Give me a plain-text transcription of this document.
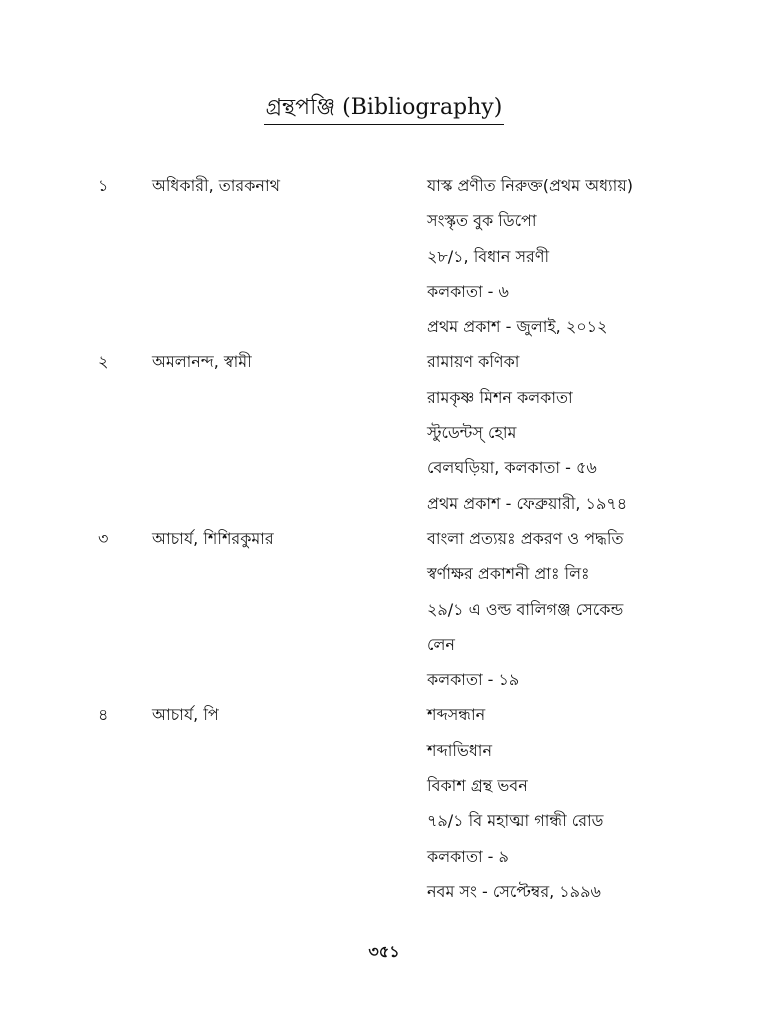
গ্রন্থপঞ্জি (Bibliography)
১	অধিকারী, তারকনাথ	যাস্ক প্রণীত নিরুক্ত(প্রথম অধ্যায়)
সংস্কৃত বুক ডিপো
২৮/১, বিধান সরণী
কলকাতা - ৬
প্রথম প্রকাশ - জুলাই, ২০১২
২	অমলানন্দ, স্বামী	রামায়ণ কণিকা
রামকৃষ্ণ মিশন কলকাতা
স্টুডেন্টস্ হোম
বেলঘড়িয়া, কলকাতা - ৫৬
প্রথম প্রকাশ - ফেব্রুয়ারী, ১৯৭৪
৩	আচার্য, শিশিরকুমার	বাংলা প্রত্যয়ঃ প্রকরণ ও পদ্ধতি
স্বর্ণাক্ষর প্রকাশনী প্রাঃ লিঃ
২৯/১ এ ওল্ড বালিগঞ্জ সেকেন্ড
লেন
কলকাতা - ১৯
৪	আচার্য, পি	শব্দসন্ধান
শব্দাভিধান
বিকাশ গ্রন্থ ভবন
৭৯/১ বি মহাত্মা গান্ধী রোড
কলকাতা - ৯
নবম সং - সেপ্টেম্বর, ১৯৯৬
৩৫১
